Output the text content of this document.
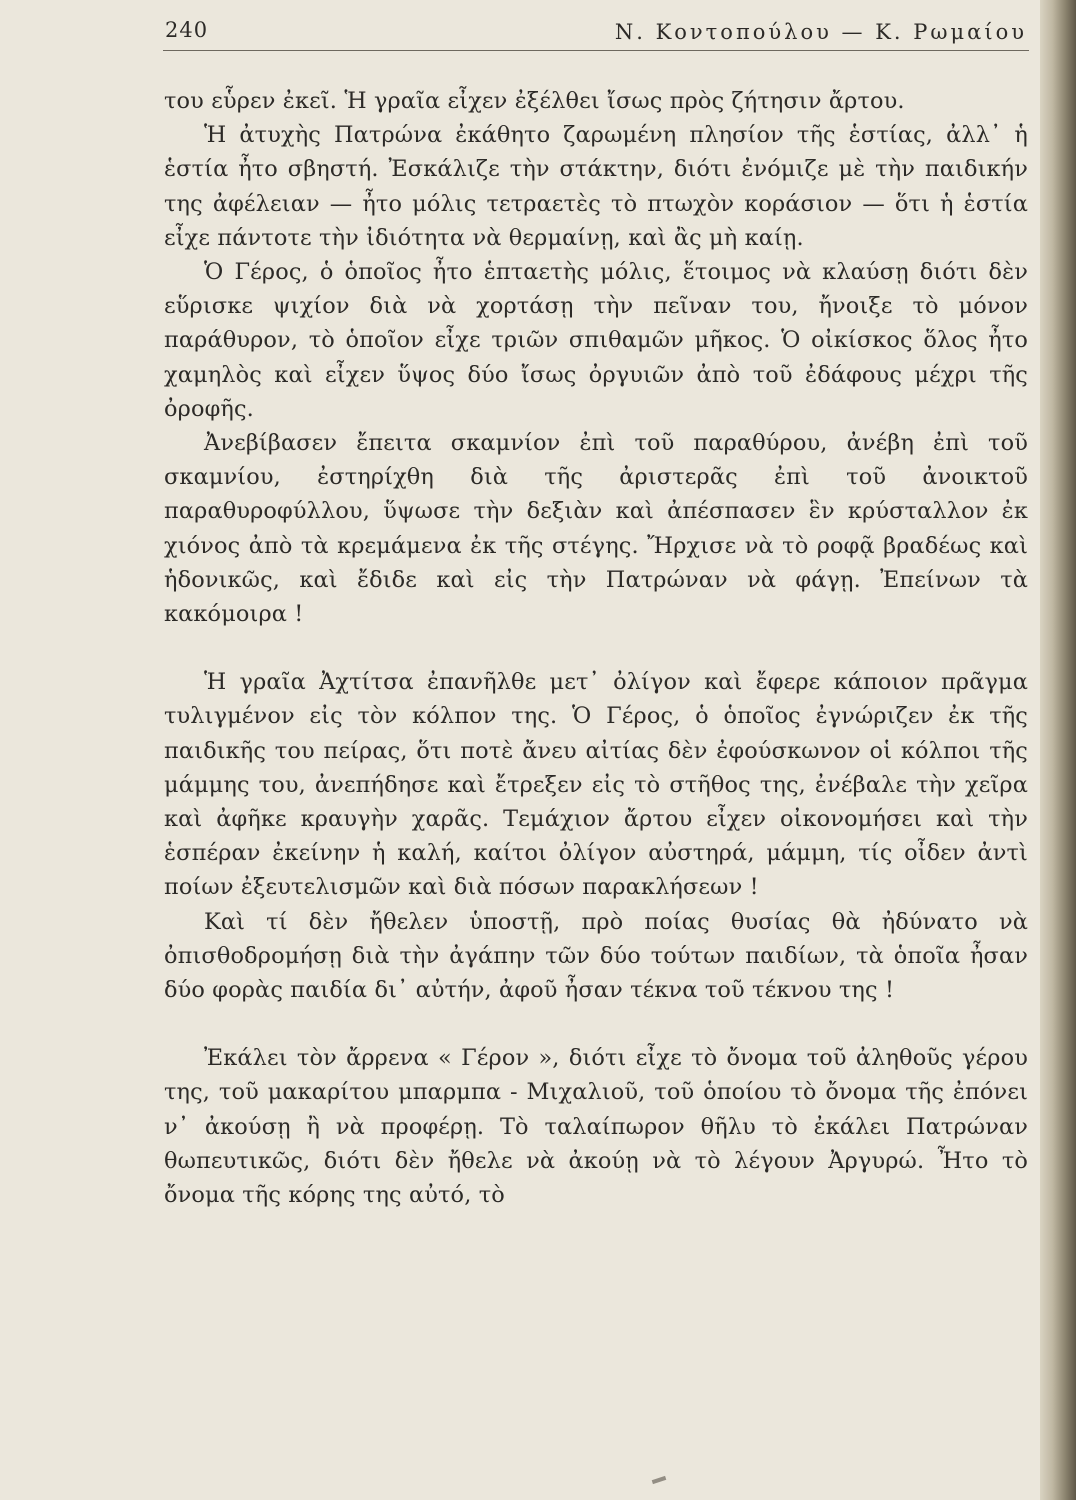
240	Ν. Κοντοπούλου — Κ. Ρωμαίου

του εὗρεν ἐκεῖ. Ἡ γραῖα εἶχεν ἐξέλθει ἴσως πρὸς ζήτησιν ἄρτου.

Ἡ ἀτυχὴς Πατρώνα ἐκάθητο ζαρωμένη πλησίον τῆς ἑστίας, ἀλλ᾽ ἡ ἑστία ἦτο σβηστή. Ἐσκάλιζε τὴν στάκτην, διότι ἐνόμιζε μὲ τὴν παιδικήν της ἀφέλειαν — ἦτο μόλις τετραετὲς τὸ πτωχὸν κοράσιον — ὅτι ἡ ἑστία εἶχε πάντοτε τὴν ἰδιότητα νὰ θερμαίνῃ, καὶ ἂς μὴ καίῃ.

Ὁ Γέρος, ὁ ὁποῖος ἦτο ἑπταετὴς μόλις, ἕτοιμος νὰ κλαύσῃ διότι δὲν εὕρισκε ψιχίον διὰ νὰ χορτάσῃ τὴν πεῖναν του, ἤνοιξε τὸ μόνον παράθυρον, τὸ ὁποῖον εἶχε τριῶν σπιθαμῶν μῆκος. Ὁ οἰκίσκος ὅλος ἦτο χαμηλὸς καὶ εἶχεν ὕψος δύο ἴσως ὀργυιῶν ἀπὸ τοῦ ἐδάφους μέχρι τῆς ὀροφῆς.

Ἀνεβίβασεν ἔπειτα σκαμνίον ἐπὶ τοῦ παραθύρου, ἀνέβη ἐπὶ τοῦ σκαμνίου, ἐστηρίχθη διὰ τῆς ἀριστερᾶς ἐπὶ τοῦ ἀνοικτοῦ παραθυροφύλλου, ὕψωσε τὴν δεξιὰν καὶ ἀπέσπασεν ἓν κρύσταλλον ἐκ χιόνος ἀπὸ τὰ κρεμάμενα ἐκ τῆς στέγης. Ἤρχισε νὰ τὸ ροφᾷ βραδέως καὶ ἡδονικῶς, καὶ ἔδιδε καὶ εἰς τὴν Πατρώναν νὰ φάγῃ. Ἐπείνων τὰ κακόμοιρα !

Ἡ γραῖα Ἀχτίτσα ἐπανῆλθε μετ᾽ ὀλίγον καὶ ἔφερε κάποιον πρᾶγμα τυλιγμένον εἰς τὸν κόλπον της. Ὁ Γέρος, ὁ ὁποῖος ἐγνώριζεν ἐκ τῆς παιδικῆς του πείρας, ὅτι ποτὲ ἄνευ αἰτίας δὲν ἐφούσκωνον οἱ κόλποι τῆς μάμμης του, ἀνεπήδησε καὶ ἔτρεξεν εἰς τὸ στῆθος της, ἐνέβαλε τὴν χεῖρα καὶ ἀφῆκε κραυγὴν χαρᾶς. Τεμάχιον ἄρτου εἶχεν οἰκονομήσει καὶ τὴν ἑσπέραν ἐκείνην ἡ καλή, καίτοι ὀλίγον αὐστηρά, μάμμη, τίς οἶδεν ἀντὶ ποίων ἐξευτελισμῶν καὶ διὰ πόσων παρακλήσεων !

Καὶ τί δὲν ἤθελεν ὑποστῇ, πρὸ ποίας θυσίας θὰ ἠδύνατο νὰ ὀπισθοδρομήσῃ διὰ τὴν ἀγάπην τῶν δύο τούτων παιδίων, τὰ ὁποῖα ἦσαν δύο φορὰς παιδία δι᾽ αὐτήν, ἀφοῦ ἦσαν τέκνα τοῦ τέκνου της !

Ἐκάλει τὸν ἄρρενα « Γέρον », διότι εἶχε τὸ ὄνομα τοῦ ἀληθοῦς γέρου της, τοῦ μακαρίτου μπαρμπα - Μιχαλιοῦ, τοῦ ὁποίου τὸ ὄνομα τῆς ἐπόνει ν᾽ ἀκούσῃ ἢ νὰ προφέρῃ. Τὸ ταλαίπωρον θῆλυ τὸ ἐκάλει Πατρώναν θωπευτικῶς, διότι δὲν ἤθελε νὰ ἀκούῃ νὰ τὸ λέγουν Ἀργυρώ. Ἦτο τὸ ὄνομα τῆς κόρης της αὐτό, τὸ
